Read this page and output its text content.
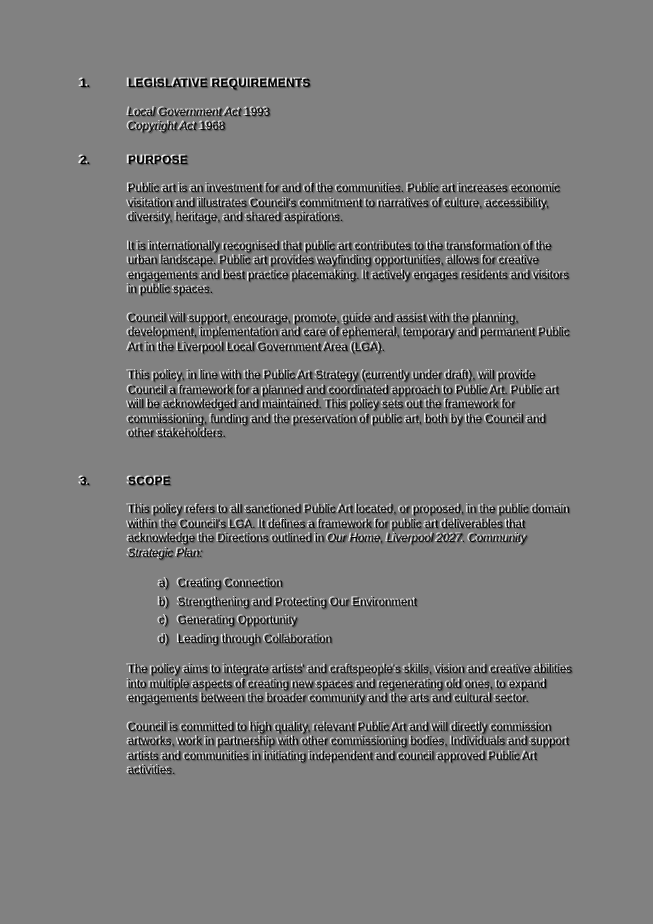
1.	LEGISLATIVE REQUIREMENTS

Local Government Act 1993

Copyright Act 1968

2.	PURPOSE

Public art is an investment for and of the communities. Public art increases economic visitation and illustrates Council's commitment to narratives of culture, accessibility, diversity, heritage, and shared aspirations.

It is internationally recognised that public art contributes to the transformation of the urban landscape. Public art provides wayfinding opportunities, allows for creative engagements and best practice placemaking. It actively engages residents and visitors in public spaces.

Council will support, encourage, promote, guide and assist with the planning, development, implementation and care of ephemeral, temporary and permanent Public Art in the Liverpool Local Government Area (LGA).

This policy, in line with the Public Art Strategy (currently under draft), will provide Council a framework for a planned and coordinated approach to Public Art. Public art will be acknowledged and maintained. This policy sets out the framework for commissioning, funding and the preservation of public art, both by the Council and other stakeholders.

3.	SCOPE

This policy refers to all sanctioned Public Art located, or proposed, in the public domain within the Council's LGA. It defines a framework for public art deliverables that acknowledge the Directions outlined in Our Home, Liverpool 2027. Community Strategic Plan:

a) Creating Connection
b) Strengthening and Protecting Our Environment
c) Generating Opportunity
d) Leading through Collaboration

The policy aims to integrate artists' and craftspeople's skills, vision and creative abilities into multiple aspects of creating new spaces and regenerating old ones, to expand engagements between the broader community and the arts and cultural sector.

Council is committed to high quality, relevant Public Art and will directly commission artworks, work in partnership with other commissioning bodies, Individuals and support artists and communities in initiating independent and council approved Public Art activities.
